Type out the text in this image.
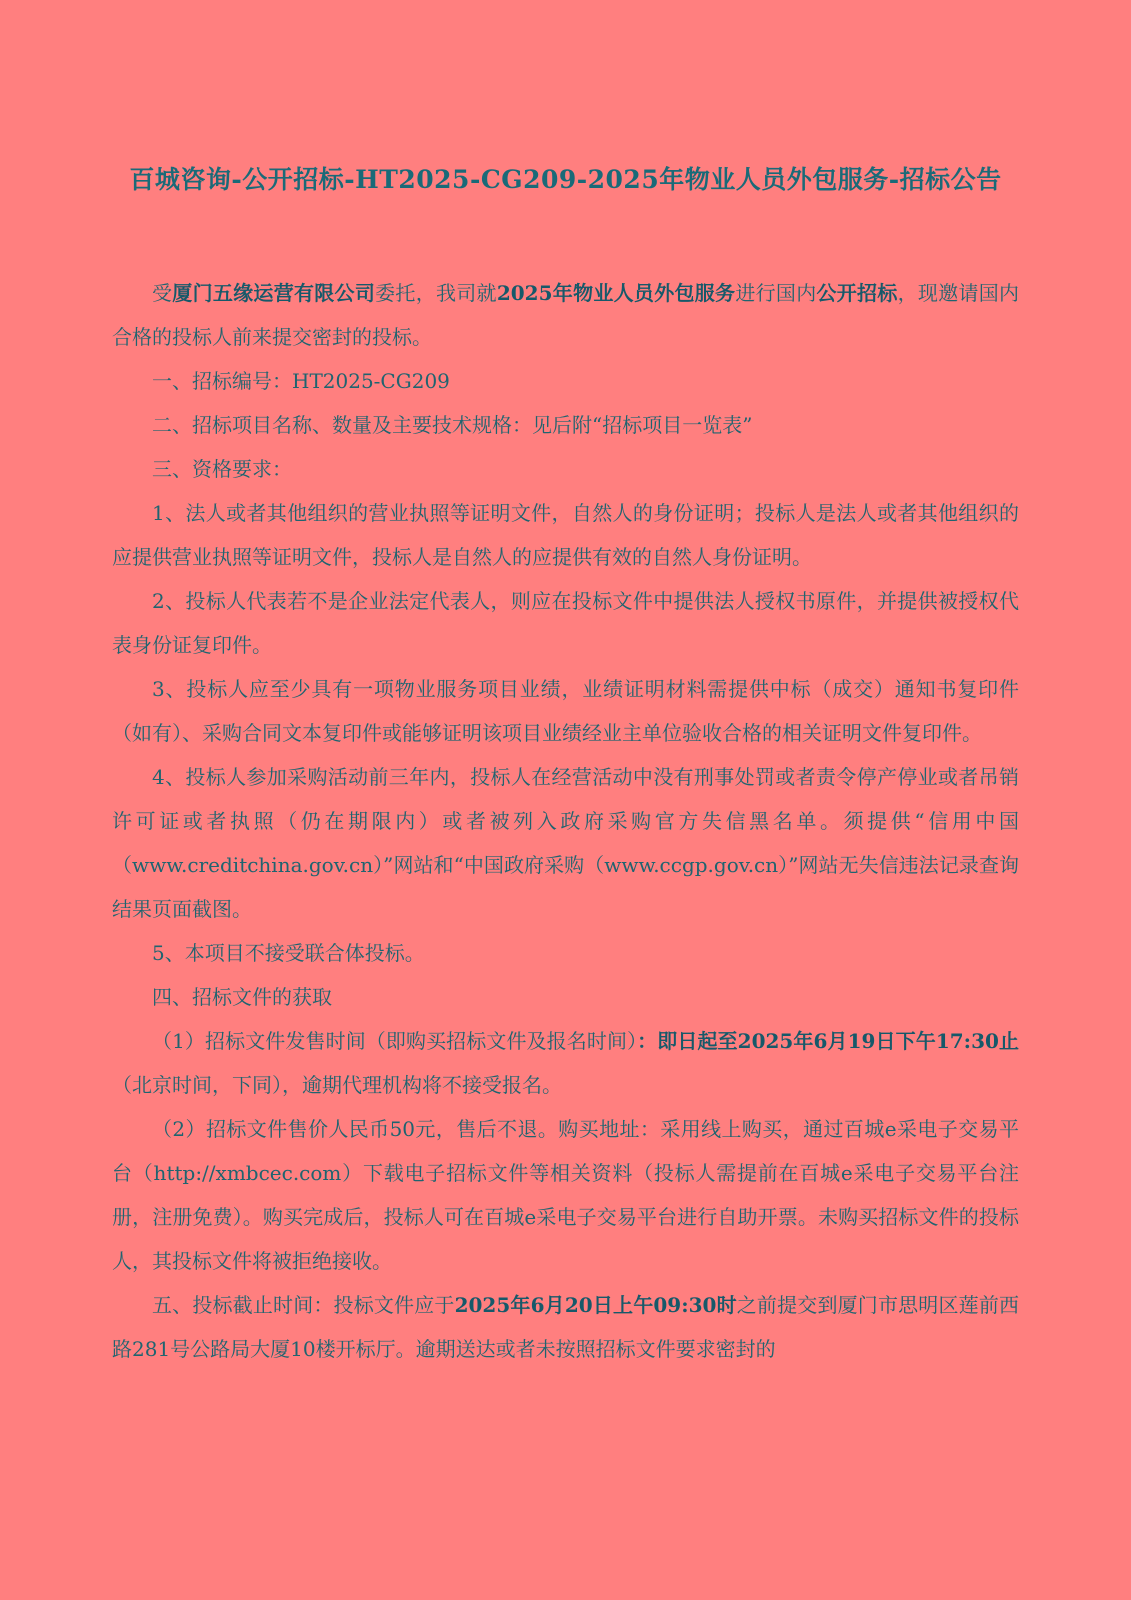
百城咨询-公开招标-HT2025-CG209-2025年物业人员外包服务-招标公告

受厦门五缘运营有限公司委托，我司就2025年物业人员外包服务进行国内公开招标，现邀请国内合格的投标人前来提交密封的投标。

一、招标编号：HT2025-CG209

二、招标项目名称、数量及主要技术规格：见后附“招标项目一览表”

三、资格要求：

1、法人或者其他组织的营业执照等证明文件，自然人的身份证明；投标人是法人或者其他组织的应提供营业执照等证明文件，投标人是自然人的应提供有效的自然人身份证明。

2、投标人代表若不是企业法定代表人，则应在投标文件中提供法人授权书原件，并提供被授权代表身份证复印件。

3、投标人应至少具有一项物业服务项目业绩，业绩证明材料需提供中标（成交）通知书复印件（如有）、采购合同文本复印件或能够证明该项目业绩经业主单位验收合格的相关证明文件复印件。

4、投标人参加采购活动前三年内，投标人在经营活动中没有刑事处罚或者责令停产停业或者吊销许可证或者执照（仍在期限内）或者被列入政府采购官方失信黑名单。须提供“信用中国（www.creditchina.gov.cn）”网站和“中国政府采购（www.ccgp.gov.cn）”网站无失信违法记录查询结果页面截图。

5、本项目不接受联合体投标。

四、招标文件的获取

（1）招标文件发售时间（即购买招标文件及报名时间）：即日起至2025年6月19日下午17:30止（北京时间，下同），逾期代理机构将不接受报名。

（2）招标文件售价人民币50元，售后不退。购买地址：采用线上购买，通过百城e采电子交易平台（http://xmbcec.com）下载电子招标文件等相关资料（投标人需提前在百城e采电子交易平台注册，注册免费）。购买完成后，投标人可在百城e采电子交易平台进行自助开票。未购买招标文件的投标人，其投标文件将被拒绝接收。

五、投标截止时间：投标文件应于2025年6月20日上午09:30时之前提交到厦门市思明区莲前西路281号公路局大厦10楼开标厅。逾期送达或者未按照招标文件要求密封的
